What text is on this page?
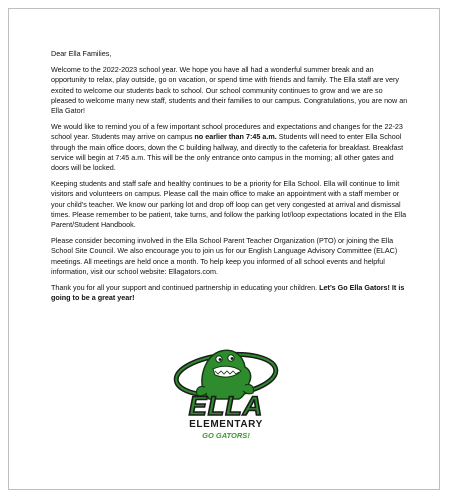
Dear Ella Families,

Welcome to the 2022-2023 school year. We hope you have all had a wonderful summer break and an opportunity to relax, play outside, go on vacation, or spend time with friends and family. The Ella staff are very excited to welcome our students back to school. Our school community continues to grow and we are so pleased to welcome many new staff, students and their families to our campus. Congratulations, you are now an Ella Gator!

We would like to remind you of a few important school procedures and expectations and changes for the 22-23 school year. Students may arrive on campus no earlier than 7:45 a.m. Students will need to enter Ella School through the main office doors, down the C building hallway, and directly to the cafeteria for breakfast. Breakfast service will begin at 7:45 a.m. This will be the only entrance onto campus in the morning; all other gates and doors will be locked.

Keeping students and staff safe and healthy continues to be a priority for Ella School. Ella will continue to limit visitors and volunteers on campus. Please call the main office to make an appointment with a staff member or your child’s teacher. We know our parking lot and drop off loop can get very congested at arrival and dismissal times. Please remember to be patient, take turns, and follow the parking lot/loop expectations located in the Ella Parent/Student Handbook.

Please consider becoming involved in the Ella School Parent Teacher Organization (PTO) or joining the Ella School Site Council. We also encourage you to join us for our English Language Advisory Committee (ELAC) meetings. All meetings are held once a month. To help keep you informed of all school events and helpful information, visit our school website: Ellagators.com.

Thank you for all your support and continued partnership in educating your children. Let’s Go Ella Gators! It is going to be a great year!

ELLA
ELEMENTARY
GO GATORS!
